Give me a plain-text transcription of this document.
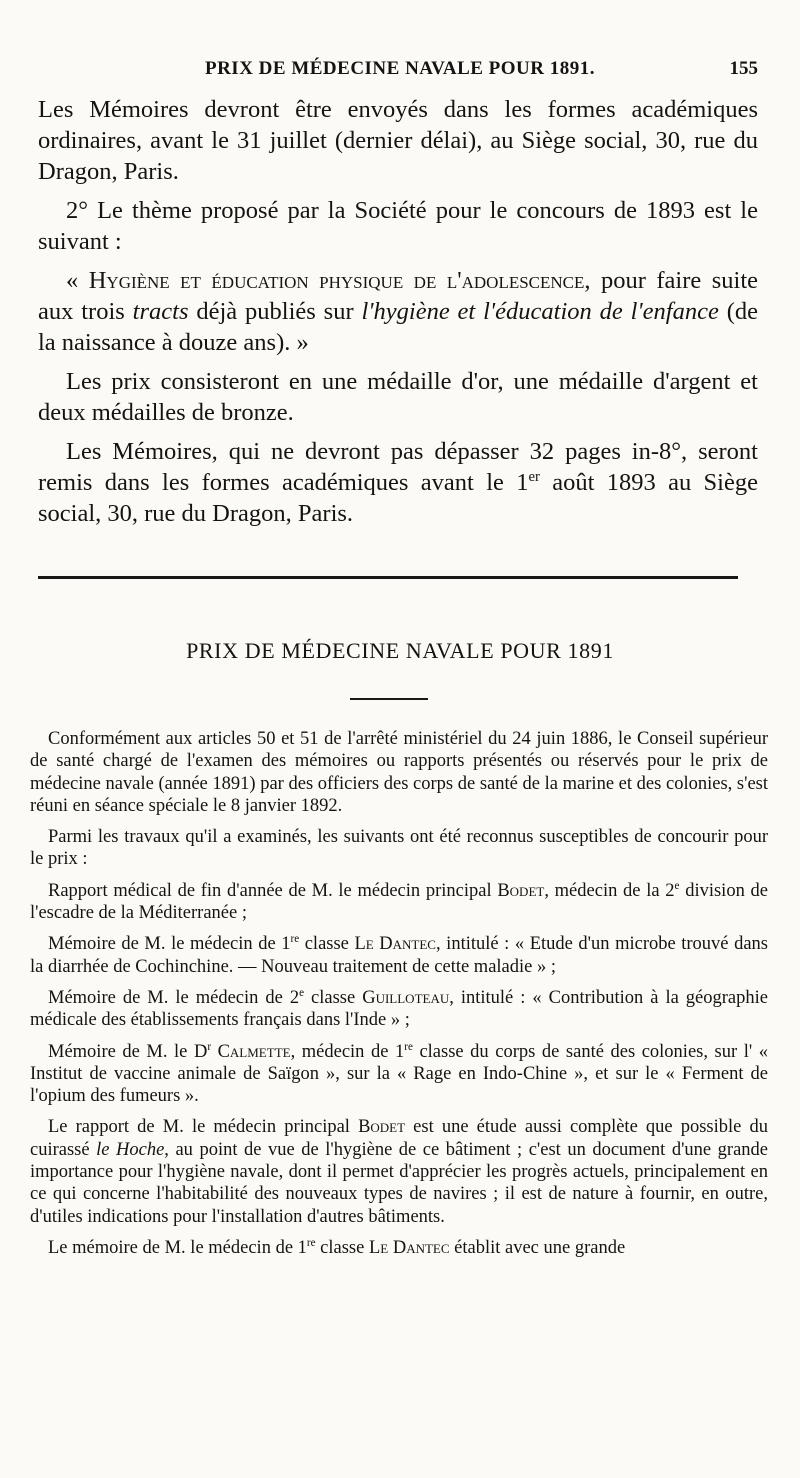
PRIX DE MÉDECINE NAVALE POUR 1891.	155

Les Mémoires devront être envoyés dans les formes académiques ordinaires, avant le 31 juillet (dernier délai), au Siège social, 30, rue du Dragon, Paris.

2° Le thème proposé par la Société pour le concours de 1893 est le suivant :

« Hygiène et éducation physique de l'adolescence, pour faire suite aux trois tracts déjà publiés sur l'hygiène et l'éducation de l'enfance (de la naissance à douze ans). »

Les prix consisteront en une médaille d'or, une médaille d'argent et deux médailles de bronze.

Les Mémoires, qui ne devront pas dépasser 32 pages in-8°, seront remis dans les formes académiques avant le 1er août 1893 au Siège social, 30, rue du Dragon, Paris.

PRIX DE MÉDECINE NAVALE POUR 1891

Conformément aux articles 50 et 51 de l'arrêté ministériel du 24 juin 1886, le Conseil supérieur de santé chargé de l'examen des mémoires ou rapports présentés ou réservés pour le prix de médecine navale (année 1891) par des officiers des corps de santé de la marine et des colonies, s'est réuni en séance spéciale le 8 janvier 1892.

Parmi les travaux qu'il a examinés, les suivants ont été reconnus susceptibles de concourir pour le prix :

Rapport médical de fin d'année de M. le médecin principal Bodet, médecin de la 2e division de l'escadre de la Méditerranée ;

Mémoire de M. le médecin de 1re classe Le Dantec, intitulé : « Etude d'un microbe trouvé dans la diarrhée de Cochinchine. — Nouveau traitement de cette maladie » ;

Mémoire de M. le médecin de 2e classe Guilloteau, intitulé : « Contribution à la géographie médicale des établissements français dans l'Inde » ;

Mémoire de M. le $D^r$ Calmette, médecin de 1re classe du corps de santé des colonies, sur l' « Institut de vaccine animale de Saïgon », sur la « Rage en Indo-Chine », et sur le « Ferment de l'opium des fumeurs ».

Le rapport de M. le médecin principal Bodet est une étude aussi complète que possible du cuirassé le Hoche, au point de vue de l'hygiène de ce bâtiment ; c'est un document d'une grande importance pour l'hygiène navale, dont il permet d'apprécier les progrès actuels, principalement en ce qui concerne l'habitabilité des nouveaux types de navires ; il est de nature à fournir, en outre, d'utiles indications pour l'installation d'autres bâtiments.

Le mémoire de M. le médecin de 1re classe Le Dantec établit avec une grande
